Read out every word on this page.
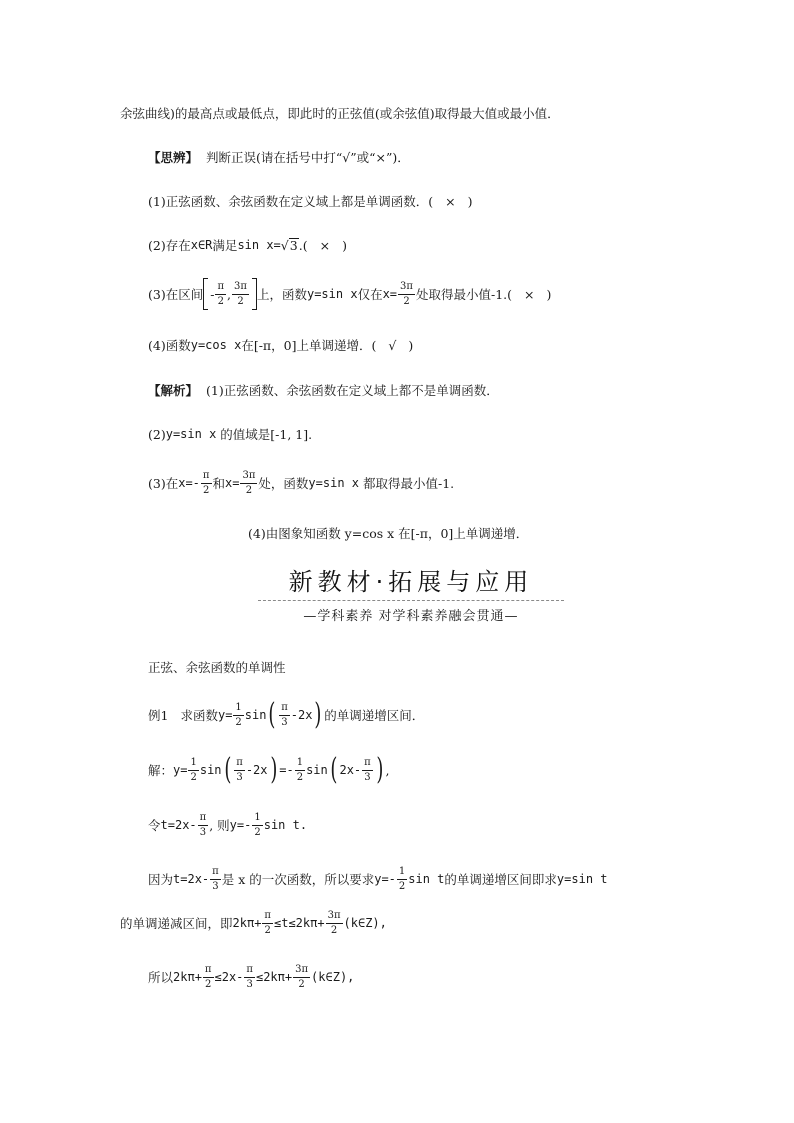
余弦曲线)的最高点或最低点，即此时的正弦值(或余弦值)取得最大值或最小值．
【思辨】 判断正误(请在括号中打“√”或“×”)．
(1) 正弦函数、余弦函数在定义域上都是单调函数．( × )
(2) 存在 x∈R 满足 sin x= √ 3 .( × )
(3) 在区间 - $\frac{\pi}{2}$ , $\frac{3\pi}{2}$ 上，函数 y=sin x 仅在 $x= \frac{3\pi}{2}$ 处取得最小值-1.( × )
(4) 函数 y=cos x 在[-π，0]上单调递增．( √ )
【解析】 (1)正弦函数、余弦函数在定义域上都不是单调函数．
(2) y=sin x 的值域是[-1, 1].
(3) 在 $x=- \frac{\pi}{2}$ 和 $x= \frac{3\pi}{2}$ 处，函数 y=sin x 都取得最小值-1.
(4)由图象知函数 y=cos x 在[-π，0]上单调递增．
新教材·拓展与应用
—学科素养 对学科素养融会贯通—
正弦、余弦函数的单调性
例1 求函数 $y= \frac{1}{2}$ sin ( $\frac{\pi}{3} -2x$ ) 的单调递增区间．
解： $y= \frac{1}{2}$ sin ( $\frac{\pi}{3} -2x$ ) =- $\frac{1}{2}$ sin ( $2x- \frac{\pi}{3}$ ) ,
令 $t=2x- \frac{\pi}{3}$ , 则 $y=- \frac{1}{2}$ sin t.
因为 $t=2x- \frac{\pi}{3}$ 是 x 的一次函数，所以要求 $y=- \frac{1}{2}$ sin t 的单调递增区间即求 y=sin t
的单调递减区间，即 $2k\pi+ \frac{\pi}{2} \le t\le 2k\pi+ \frac{3\pi}{2}$ (k∈Z),
所以 $2k\pi+ \frac{\pi}{2} \le 2x- \frac{\pi}{3} \le 2k\pi+ \frac{3\pi}{2}$ (k∈Z),
